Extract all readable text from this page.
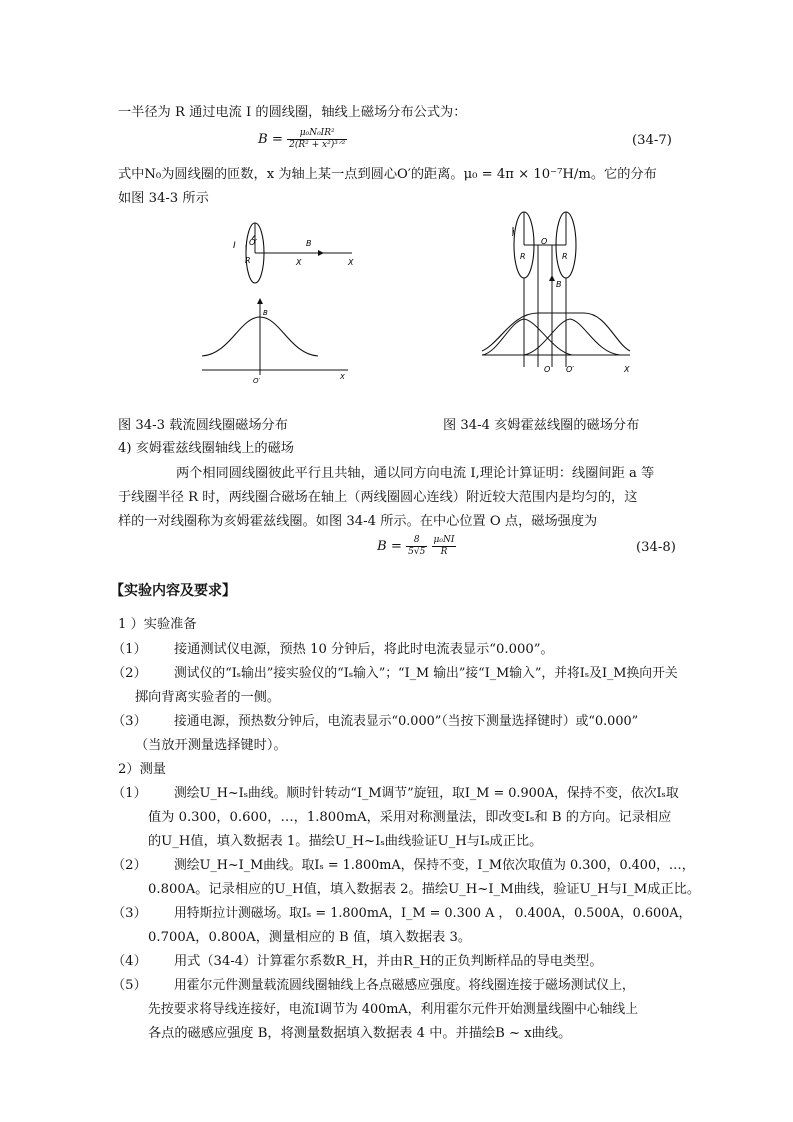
一半径为 R 通过电流 I 的圆线圈，轴线上磁场分布公式为：
$B = \frac{\text{μ₀N₀IR²}}{\text{2(R² + x²)³ᐟ²}}$	(34-7)
式中N₀为圆线圈的匝数，x 为轴上某一点到圆心O′的距离。μ₀ = 4π × 10⁻⁷H/m。它的分布
如图 34-3 所示
I O′
R
B
X	X
B
O′	X
I
O
R	R
B
O O′	X
图 34-3 载流圆线圈磁场分布	图 34-4 亥姆霍兹线圈的磁场分布
4) 亥姆霍兹线圈轴线上的磁场
两个相同圆线圈彼此平行且共轴，通以同方向电流 I,理论计算证明：线圈间距 a 等
于线圈半径 R 时，两线圈合磁场在轴上（两线圈圆心连线）附近较大范围内是均匀的，这
样的一对线圈称为亥姆霍兹线圈。如图 34-4 所示。在中心位置 O 点，磁场强度为
$B = \frac{8}{5√5}$
$\frac{\text{μ₀NI}}{R}$	(34-8)
【实验内容及要求】
1 ）实验准备
（1） 接通测试仪电源，预热 10 分钟后，将此时电流表显示“0.000”。
（2） 测试仪的“Iₛ输出”接实验仪的“Iₛ输入”；“I_M 输出”接“I_M输入”，并将Iₛ及I_M换向开关
掷向背离实验者的一侧。
（3） 接通电源，预热数分钟后，电流表显示“0.000”（当按下测量选择键时）或“0.000”
（当放开测量选择键时）。
2）测量
（1） 测绘U_H~Iₛ曲线。顺时针转动“I_M调节”旋钮，取I_M = 0.900A，保持不变，依次Iₛ取
值为 0.300，0.600，…，1.800mA，采用对称测量法，即改变Iₛ和 B 的方向。记录相应
的U_H值，填入数据表 1。描绘U_H~Iₛ曲线验证U_H与Iₛ成正比。
（2） 测绘U_H~I_M曲线。取Iₛ = 1.800mA，保持不变，I_M依次取值为 0.300，0.400，…，
0.800A。记录相应的U_H值，填入数据表 2。描绘U_H~I_M曲线，验证U_H与I_M成正比。
（3） 用特斯拉计测磁场。取Iₛ = 1.800mA，I_M = 0.300 A ， 0.400A，0.500A，0.600A，
0.700A，0.800A，测量相应的 B 值，填入数据表 3。
（4） 用式（34-4）计算霍尔系数R_H，并由R_H的正负判断样品的导电类型。
（5） 用霍尔元件测量载流圆线圈轴线上各点磁感应强度。将线圈连接于磁场测试仪上，
先按要求将导线连接好，电流I调节为 400mA，利用霍尔元件开始测量线圈中心轴线上
各点的磁感应强度 B，将测量数据填入数据表 4 中。并描绘B ~ x曲线。
